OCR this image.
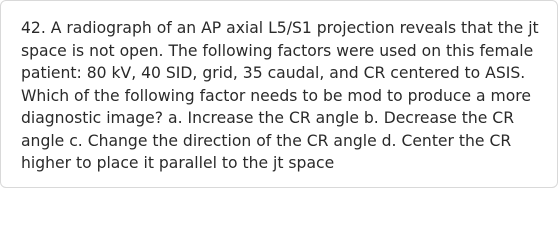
42. A radiograph of an AP axial L5/S1 projection reveals that the jt space is not open. The following factors were used on this female patient: 80 kV, 40 SID, grid, 35 caudal, and CR centered to ASIS. Which of the following factor needs to be mod to produce a more diagnostic image? a. Increase the CR angle b. Decrease the CR angle c. Change the direction of the CR angle d. Center the CR higher to place it parallel to the jt space
